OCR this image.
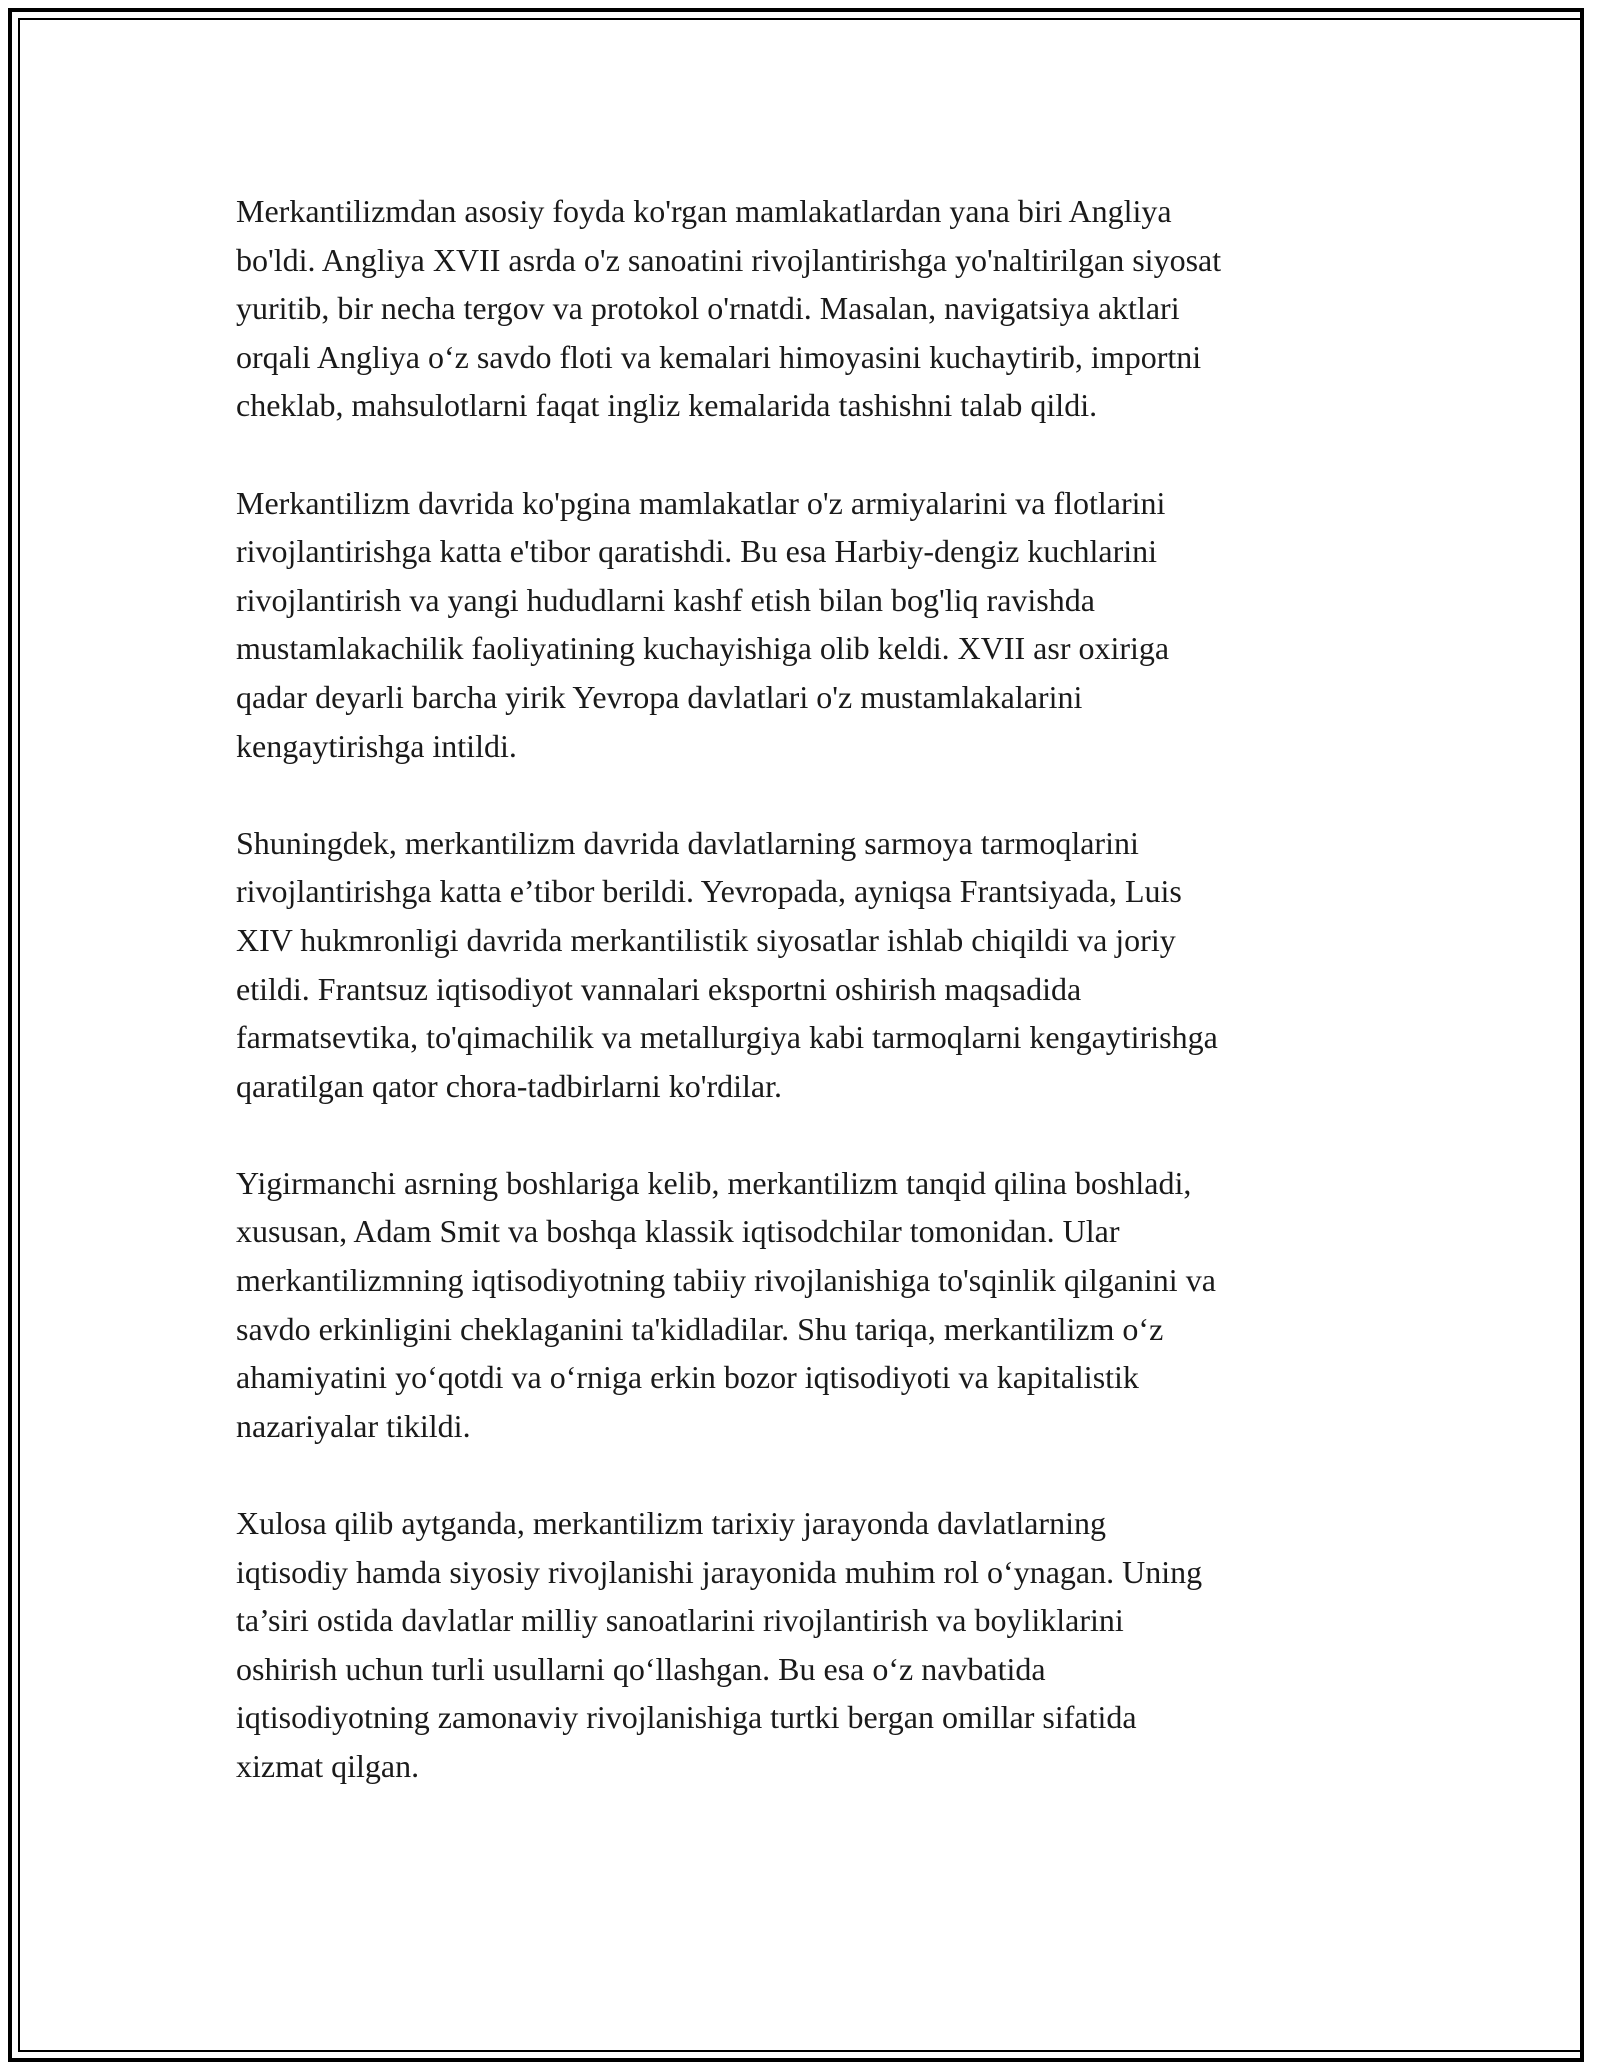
Merkantilizmdan asosiy foyda ko'rgan mamlakatlardan yana biri Angliya
bo'ldi. Angliya XVII asrda o'z sanoatini rivojlantirishga yo'naltirilgan siyosat
yuritib, bir necha tergov va protokol o'rnatdi. Masalan, navigatsiya aktlari
orqali Angliya o‘z savdo floti va kemalari himoyasini kuchaytirib, importni
cheklab, mahsulotlarni faqat ingliz kemalarida tashishni talab qildi.

Merkantilizm davrida ko'pgina mamlakatlar o'z armiyalarini va flotlarini
rivojlantirishga katta e'tibor qaratishdi. Bu esa Harbiy-dengiz kuchlarini
rivojlantirish va yangi hududlarni kashf etish bilan bog'liq ravishda
mustamlakachilik faoliyatining kuchayishiga olib keldi. XVII asr oxiriga
qadar deyarli barcha yirik Yevropa davlatlari o'z mustamlakalarini
kengaytirishga intildi.

Shuningdek, merkantilizm davrida davlatlarning sarmoya tarmoqlarini
rivojlantirishga katta e’tibor berildi. Yevropada, ayniqsa Frantsiyada, Luis
XIV hukmronligi davrida merkantilistik siyosatlar ishlab chiqildi va joriy
etildi. Frantsuz iqtisodiyot vannalari eksportni oshirish maqsadida
farmatsevtika, to'qimachilik va metallurgiya kabi tarmoqlarni kengaytirishga
qaratilgan qator chora-tadbirlarni ko'rdilar.

Yigirmanchi asrning boshlariga kelib, merkantilizm tanqid qilina boshladi,
xususan, Adam Smit va boshqa klassik iqtisodchilar tomonidan. Ular
merkantilizmning iqtisodiyotning tabiiy rivojlanishiga to'sqinlik qilganini va
savdo erkinligini cheklaganini ta'kidladilar. Shu tariqa, merkantilizm o‘z
ahamiyatini yo‘qotdi va o‘rniga erkin bozor iqtisodiyoti va kapitalistik
nazariyalar tikildi.

Xulosa qilib aytganda, merkantilizm tarixiy jarayonda davlatlarning
iqtisodiy hamda siyosiy rivojlanishi jarayonida muhim rol o‘ynagan. Uning
ta’siri ostida davlatlar milliy sanoatlarini rivojlantirish va boyliklarini
oshirish uchun turli usullarni qo‘llashgan. Bu esa o‘z navbatida
iqtisodiyotning zamonaviy rivojlanishiga turtki bergan omillar sifatida
xizmat qilgan.
